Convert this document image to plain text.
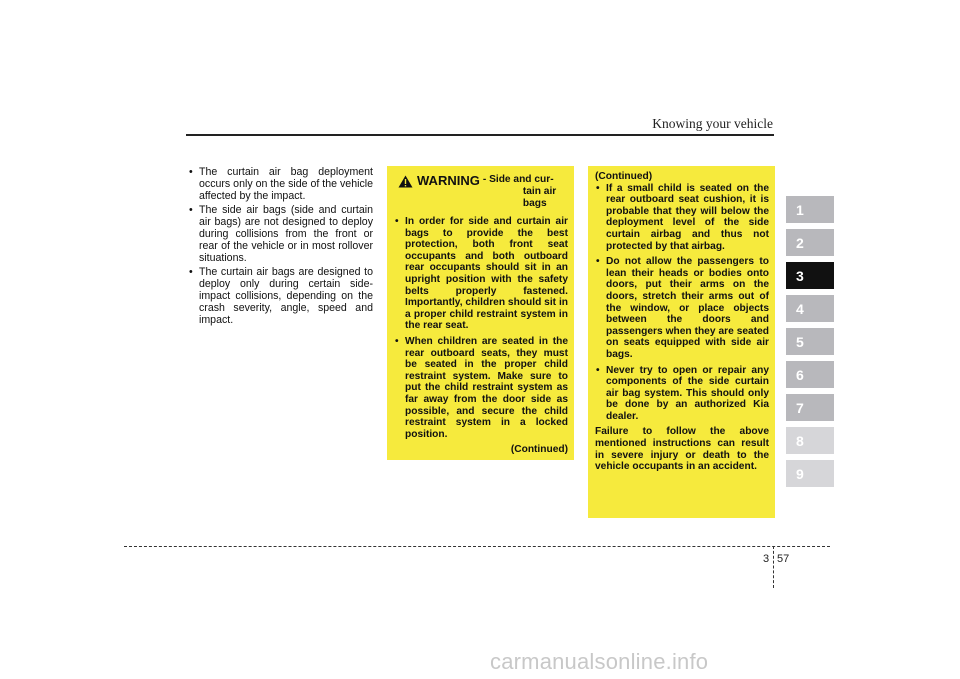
Knowing your vehicle
• The curtain air bag deployment occurs only on the side of the vehicle affected by the impact.
• The side air bags (side and curtain air bags) are not designed to deploy during collisions from the front or rear of the vehicle or in most rollover situations.
• The curtain air bags are designed to deploy only during certain side-impact collisions, depending on the crash severity, angle, speed and impact.
WARNING - Side and cur-
tain air bags
• In order for side and curtain air bags to provide the best protection, both front seat occupants and both outboard rear occupants should sit in an upright position with the safety belts properly fastened. Importantly, children should sit in a proper child restraint system in the rear seat.
• When children are seated in the rear outboard seats, they must be seated in the proper child restraint system. Make sure to put the child restraint system as far away from the door side as possible, and secure the child restraint system in a locked position.
(Continued)

(Continued)

• If a small child is seated on the rear outboard seat cushion, it is probable that they will below the deployment level of the side curtain airbag and thus not protected by that airbag.
• Do not allow the passengers to lean their heads or bodies onto doors, put their arms on the doors, stretch their arms out of the window, or place objects between the doors and passengers when they are seated on seats equipped with side air bags.
• Never try to open or repair any components of the side curtain air bag system. This should only be done by an authorized Kia dealer.

Failure to follow the above mentioned instructions can result in severe injury or death to the vehicle occupants in an accident.

1
2
3
4
5
6
7
8
9
3 57
carmanualsonline.info
